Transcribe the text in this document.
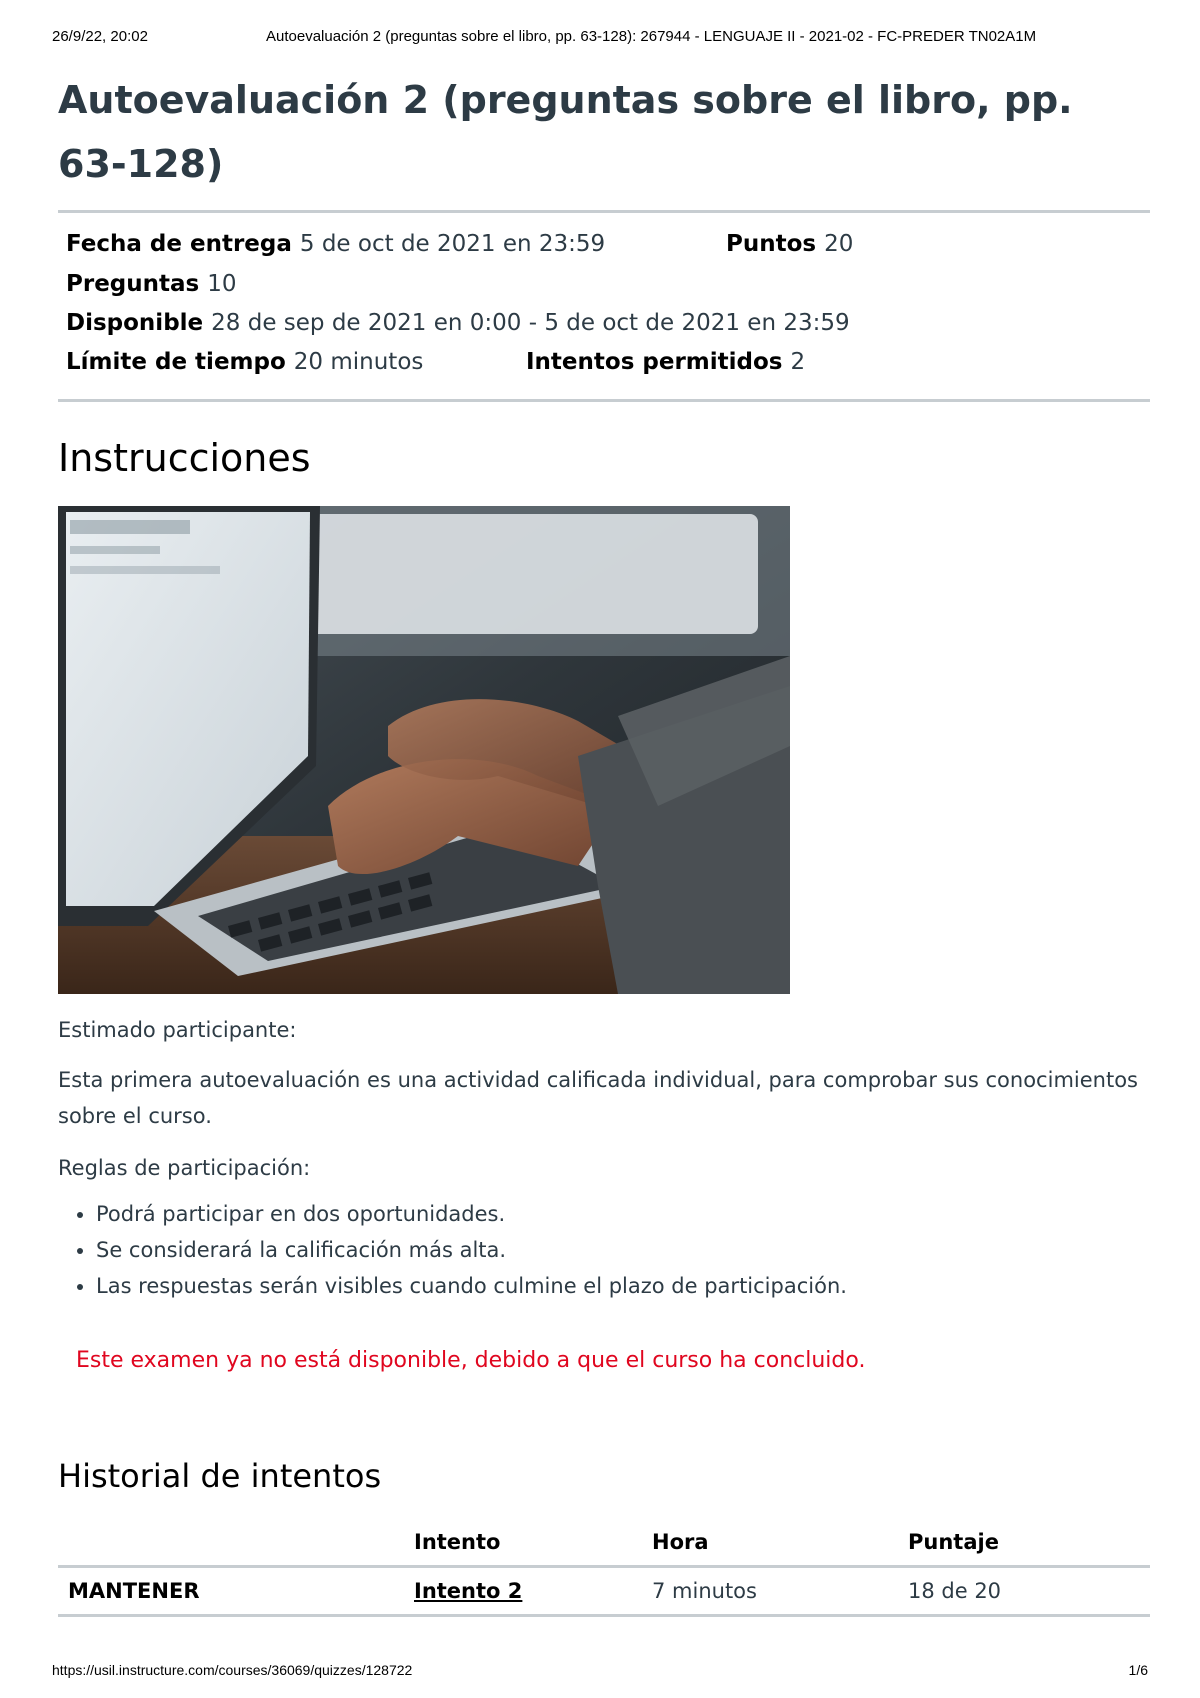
26/9/22, 20:02	Autoevaluación 2 (preguntas sobre el libro, pp. 63-128): 267944 - LENGUAJE II - 2021-02 - FC-PREDER TN02A1M
Autoevaluación 2 (preguntas sobre el libro, pp. 63-128)
Fecha de entrega 5 de oct de 2021 en 23:59	Puntos 20
Preguntas 10
Disponible 28 de sep de 2021 en 0:00 - 5 de oct de 2021 en 23:59
Límite de tiempo 20 minutos	Intentos permitidos 2
Instrucciones

Estimado participante:

Esta primera autoevaluación es una actividad calificada individual, para comprobar sus conocimientos sobre el curso.

Reglas de participación:

• Podrá participar en dos oportunidades.
• Se considerará la calificación más alta.
• Las respuestas serán visibles cuando culmine el plazo de participación.
Este examen ya no está disponible, debido a que el curso ha concluido.
Historial de intentos
	Intento	Hora	Puntaje
MANTENER	Intento 2	7 minutos	18 de 20
https://usil.instructure.com/courses/36069/quizzes/128722	1/6
